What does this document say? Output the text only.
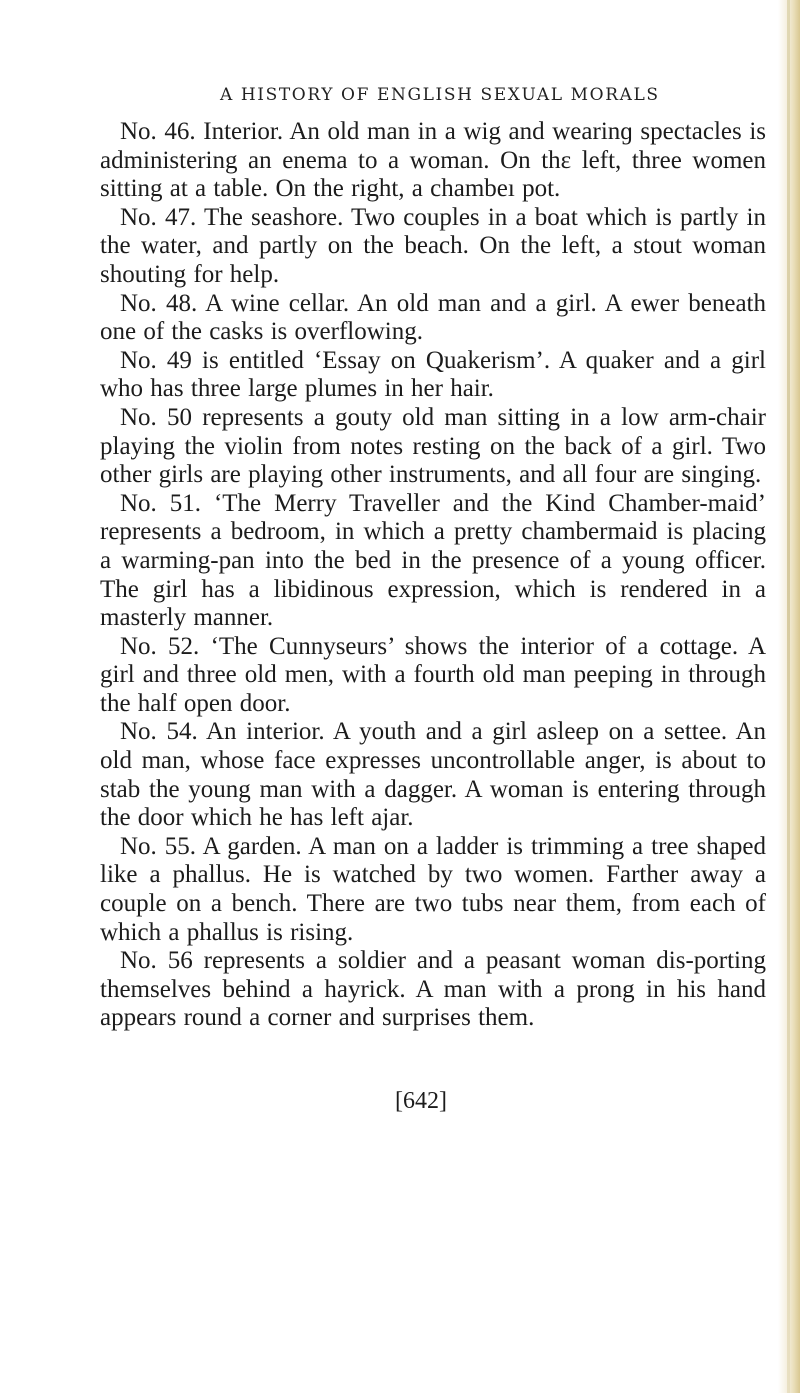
A HISTORY OF ENGLISH SEXUAL MORALS

No. 46. Interior. An old man in a wig and wearinɡ spectacles is administering an enema to a woman. On thɛ left, three women sitting at a table. On the right, a chambeı pot.

No. 47. The seashore. Two couples in a boat which is partly in the water, and partly on the beach. On the left, a stout woman shouting for help.

No. 48. A wine cellar. An old man and a girl. A ewer beneath one of the casks is overflowing.

No. 49 is entitled ‘Essay on Quakerism’. A quaker and a girl who has three large plumes in her hair.

No. 50 represents a gouty old man sitting in a low arm-chair playing the violin from notes resting on the back of a girl. Two other girls are playing other instruments, and all four are singing.

No. 51. ‘The Merry Traveller and the Kind Chamber-maid’ represents a bedroom, in which a pretty chambermaid is placing a warming-pan into the bed in the presence of a young officer. The girl has a libidinous expression, which is rendered in a masterly manner.

No. 52. ‘The Cunnyseurs’ shows the interior of a cottage. A girl and three old men, with a fourth old man peeping in through the half open door.

No. 54. An interior. A youth and a girl asleep on a settee. An old man, whose face expresses uncontrollable anger, is about to stab the young man with a dagger. A woman is entering through the door which he has left ajar.

No. 55. A garden. A man on a ladder is trimming a tree shaped like a phallus. He is watched by two women. Farther away a couple on a bench. There are two tubs near them, from each of which a phallus is rising.

No. 56 represents a soldier and a peasant woman dis-porting themselves behind a hayrick. A man with a prong in his hand appears round a corner and surprises them.

[642]
